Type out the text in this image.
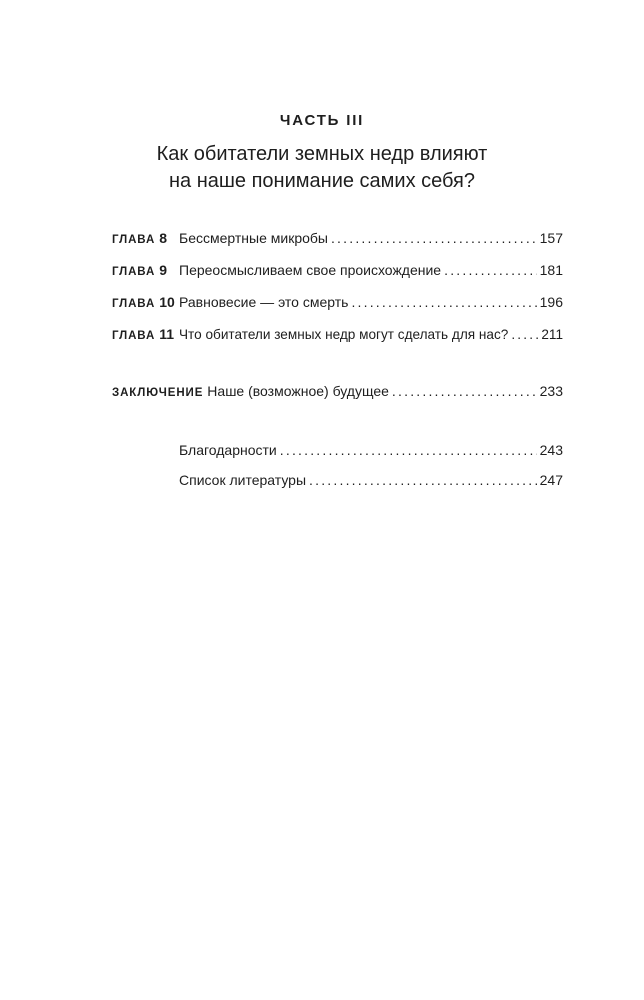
ЧАСТЬ III
Как обитатели земных недр влияют
на наше понимание самих себя?
ГЛАВА 8 Бессмертные микробы .....	157
ГЛАВА 9 Переосмысливаем свое происхождение .....	181
ГЛАВА 10 Равновесие — это смерть .....	196
ГЛАВА 11 Что обитатели земных недр могут сделать для нас? ..... 211
ЗАКЛЮЧЕНИЕ Наше (возможное) будущее .....	233
Благодарности .....	243
Список литературы .....	247
